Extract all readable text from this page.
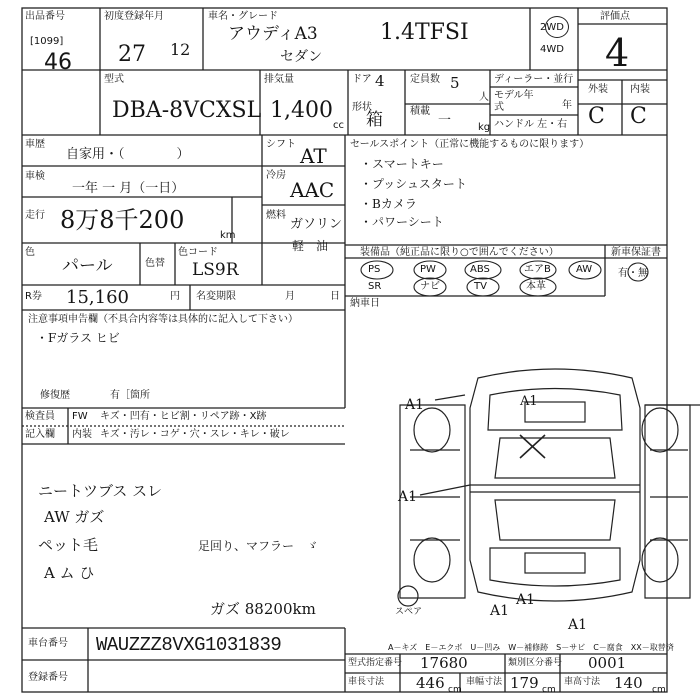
出品番号
[1099]
46
初度登録年月
27 12
車名・グレード
アウディA3
セダン
1.4TFSI	2WD
4WD
評価点
4
外装 内装
C C
型式
DBA-8VCXSL
排気量
1,400
cc
ドア 4
形状
箱
定員数 5
人
積載
一	kg
ディーラー・並行
モデル年式	年
ハンドル 左・右
車歴
自家用・（　　　　）
シフト AT
車検
一年 一 月（一日）
冷房
AAC
走行 8万8千200
km
燃料
ガソリン
軽　油
色
パール	色替
色コード
LS9R
R券 15,160	円 名変期限	月	日
セールスポイント（正常に機能するものに限ります）
・スマートキー
・プッシュスタート
・Bカメラ
・パワーシート
装備品（純正品に限り○で囲んでください）	新車保証書
有・無
PS	PW	ABS	エアB	AW
SR	ナビ	TV	本革
納車日
注意事項申告欄（不具合内容等は具体的に記入して下さい）
・Fガラス ヒビ
修復歴	有［箇所
検査員
記入欄
FW キズ・凹有・ヒビ割・リペア跡・X跡
内装 キズ・汚レ・コゲ・穴・スレ・キレ・破レ
ニートツブス スレ
AW ガズ
ペット毛
A ム ひ
足回り、マフラー　ゞ
ガズ 88200km
A1	A1
A1
A1
A1
A1
スペア
車台番号 WAUZZZ8VXG1031839
登録番号
A－キズ　E－エクボ　U－凹み　W－補修跡　S－サビ　C－腐食　XX－取替済
型式指定番号 17680	類別区分番号 0001
車長寸法 446 cm
車幅寸法 179 cm
車高寸法 140 cm
